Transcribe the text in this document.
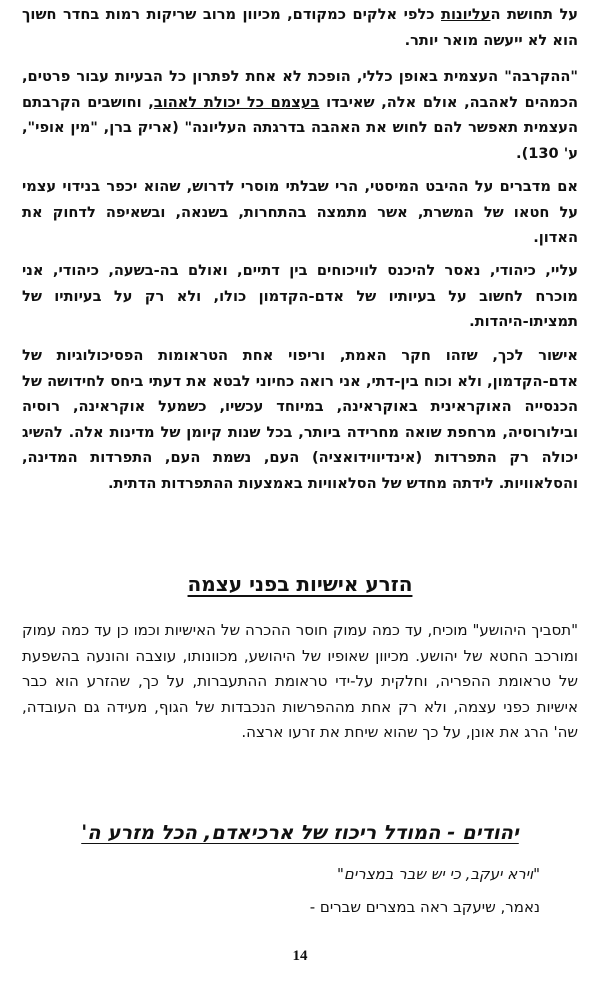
על תחושת העליונות כלפי אלקים כמקודם, מכיוון מרוב שריקות רמות בחדר חשוך הוא לא ייעשה מואר יותר.

"ההקרבה" העצמית באופן כללי, הופכת לא אחת לפתרון כל הבעיות עבור פרטים, הכמהים לאהבה, אולם אלה, שאיבדו בעצמם כל יכולת לאהוב, וחושבים הקרבתם העצמית תאפשר להם לחוש את האהבה בדרגתה העליונה" (אריק ברן, "מין אופי", ע' 130).

אם מדברים על ההיבט המיסטי, הרי שבלתי מוסרי לדרוש, שהוא יכפר בנידוי עצמי על חטאו של המשרת, אשר מתמצה בהתחרות, בשנאה, ובשאיפה לדחוק את האדון.

עליי, כיהודי, נאסר להיכנס לוויכוחים בין דתיים, ואולם בה-בשעה, כיהודי, אני מוכרח לחשוב על בעיותיו של אדם-הקדמון כולו, ולא רק על בעיותיו של תמציתו-היהדות.

אישור לכך, שזהו חקר האמת, וריפוי אחת הטראומות הפסיכולוגיות של אדם-הקדמון, ולא וכוח בין-דתי, אני רואה כחיוני לבטא את דעתי ביחס לחידושה של הכנסייה האוקראינית באוקראינה, במיוחד עכשיו, כשמעל אוקראינה, רוסיה ובילורוסיה, מרחפת שואה מחרידה ביותר, בכל שנות קיומן של מדינות אלה. להשיג יכולה רק התפרדות (אינדיווידואציה) העם, נשמת העם, התפרדות המדינה, והסלאוויות. לידתה מחדש של הסלאוויות באמצעות ההתפרדות הדתית.

הזרע אישיות בפני עצמה

"תסביך היהושע" מוכיח, עד כמה עמוק חוסר ההכרה של האישיות וכמו כן עד כמה עמוק ומורכב החטא של יהושע. מכיוון שאופיו של היהושע, מכוונותו, עוצבה והונעה בהשפעת של טראומת ההפריה, וחלקית על-ידי טראומת ההתעברות, על כך, שהזרע הוא כבר אישיות כפני עצמה, ולא רק אחת מההפרשות הנכבדות של הגוף, מעידה גם העובדה, שה' הרג את אונן, על כך שהוא שיחת את זרעו ארצה.

יהודים - המודל ריכוז של ארכיאדם, הכל מזרע ה'

"וירא יעקב, כי יש שבר במצרים"

נאמר, שיעקב ראה במצרים שברים -

14
